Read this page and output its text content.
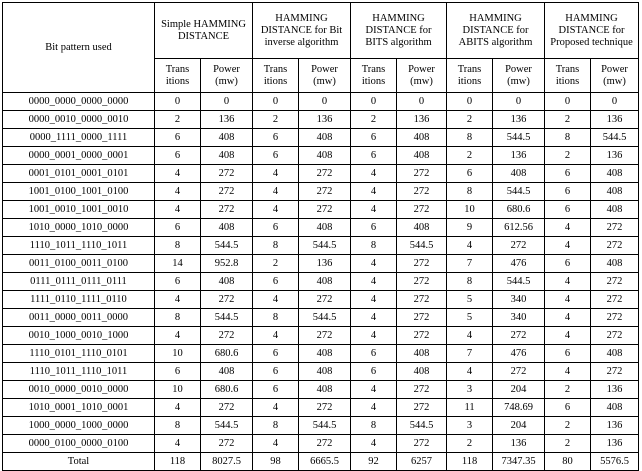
Bit pattern used	Simple HAMMING DISTANCE		HAMMING DISTANCE for Bit inverse algorithm		HAMMING DISTANCE for BITS algorithm		HAMMING DISTANCE for ABITS algorithm		HAMMING DISTANCE for Proposed technique	
	Trans itions	Power (mw)	Trans itions	Power (mw)	Trans itions	Power (mw)	Trans itions	Power (mw)	Trans itions	Power (mw)
0000_0000_0000_0000	0	0	0	0	0	0	0	0	0	0
0000_0010_0000_0010	2	136	2	136	2	136	2	136	2	136
0000_1111_0000_1111	6	408	6	408	6	408	8	544.5	8	544.5
0000_0001_0000_0001	6	408	6	408	6	408	2	136	2	136
0001_0101_0001_0101	4	272	4	272	4	272	6	408	6	408
1001_0100_1001_0100	4	272	4	272	4	272	8	544.5	6	408
1001_0010_1001_0010	4	272	4	272	4	272	10	680.6	6	408
1010_0000_1010_0000	6	408	6	408	6	408	9	612.56	4	272
1110_1011_1110_1011	8	544.5	8	544.5	8	544.5	4	272	4	272
0011_0100_0011_0100	14	952.8	2	136	4	272	7	476	6	408
0111_0111_0111_0111	6	408	6	408	4	272	8	544.5	4	272
1111_0110_1111_0110	4	272	4	272	4	272	5	340	4	272
0011_0000_0011_0000	8	544.5	8	544.5	4	272	5	340	4	272
0010_1000_0010_1000	4	272	4	272	4	272	4	272	4	272
1110_0101_1110_0101	10	680.6	6	408	6	408	7	476	6	408
1110_1011_1110_1011	6	408	6	408	6	408	4	272	4	272
0010_0000_0010_0000	10	680.6	6	408	4	272	3	204	2	136
1010_0001_1010_0001	4	272	4	272	4	272	11	748.69	6	408
1000_0000_1000_0000	8	544.5	8	544.5	8	544.5	3	204	2	136
0000_0100_0000_0100	4	272	4	272	4	272	2	136	2	136
Total	118	8027.5	98	6665.5	92	6257	118	7347.35	80	5576.5
